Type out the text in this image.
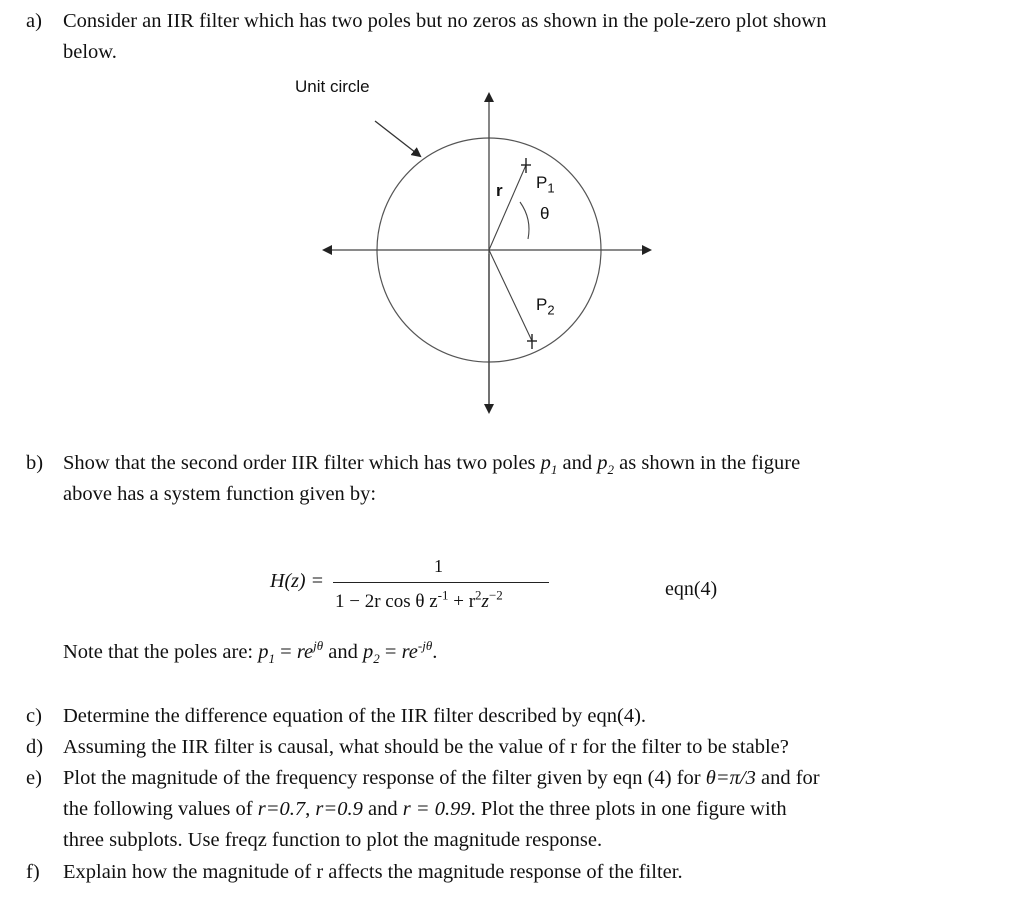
a)	Consider an IIR filter which has two poles but no zeros as shown in the pole-zero plot shown
below.
Unit circle
r $P_1$
θ
$P_2$
b) Show that the second order IIR filter which has two poles $p_1$ and $p_2$ as shown in the figure
above has a system function given by:
H(z) =
1
1 − 2r cos θ $z^{-1} + r^2z^{-2}$	eqn(4)
Note that the poles are: $p_1 = re^{j\theta}$ and $p_2 = re^{-j\theta}$.
c)	Determine the difference equation of the IIR filter described by eqn(4).
d) Assuming the IIR filter is causal, what should be the value of r for the filter to be stable?
e)	Plot the magnitude of the frequency response of the filter given by eqn (4) for θ=π/3 and for
the following values of r=0.7, r=0.9 and r = 0.99. Plot the three plots in one figure with
three subplots. Use freqz function to plot the magnitude response.
f)	Explain how the magnitude of r affects the magnitude response of the filter.
